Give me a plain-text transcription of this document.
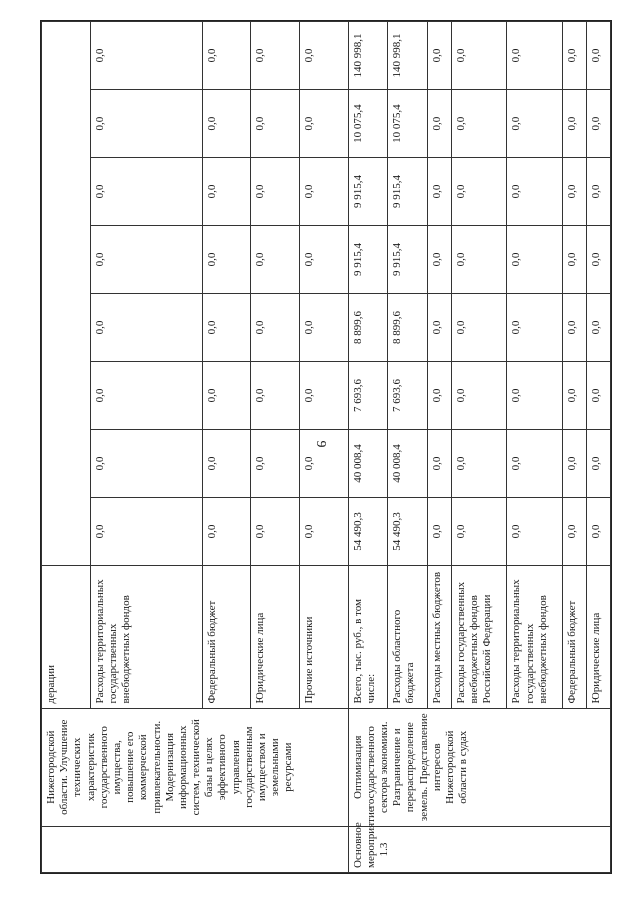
9
	Нижегородской области. Улучшение технических характеристик государственного имущества, повышение его коммерческой привлекательности. Модернизация информационных систем, технической базы в целях эффективного управления государственным имуществом и земельными ресурсами	дерации								
		Расходы территориальных государственных внебюджетных фондов	0,0	0,0	0,0	0,0	0,0	0,0	0,0	0,0
		Федеральный бюджет	0,0	0,0	0,0	0,0	0,0	0,0	0,0	0,0
		Юридические лица	0,0	0,0	0,0	0,0	0,0	0,0	0,0	0,0
		Прочие источники	0,0	0,0	0,0	0,0	0,0	0,0	0,0	0,0
Основное мероприятие 1.3	Оптимизация государственного сектора экономики. Разграничение и перераспределение земель. Представление интересов Нижегородской области в судах	Всего, тыс. руб., в том числе:	54 490,3	40 008,4	7 693,6	8 899,6	9 915,4	9 915,4	10 075,4	140 998,1
		Расходы областного бюджета	54 490,3	40 008,4	7 693,6	8 899,6	9 915,4	9 915,4	10 075,4	140 998,1
		Расходы местных бюджетов	0,0	0,0	0,0	0,0	0,0	0,0	0,0	0,0
		Расходы государственных внебюджетных фондов Российской Федерации	0,0	0,0	0,0	0,0	0,0	0,0	0,0	0,0
		Расходы территориальных государственных внебюджетных фондов	0,0	0,0	0,0	0,0	0,0	0,0	0,0	0,0
		Федеральный бюджет	0,0	0,0	0,0	0,0	0,0	0,0	0,0	0,0
		Юридические лица	0,0	0,0	0,0	0,0	0,0	0,0	0,0	0,0
